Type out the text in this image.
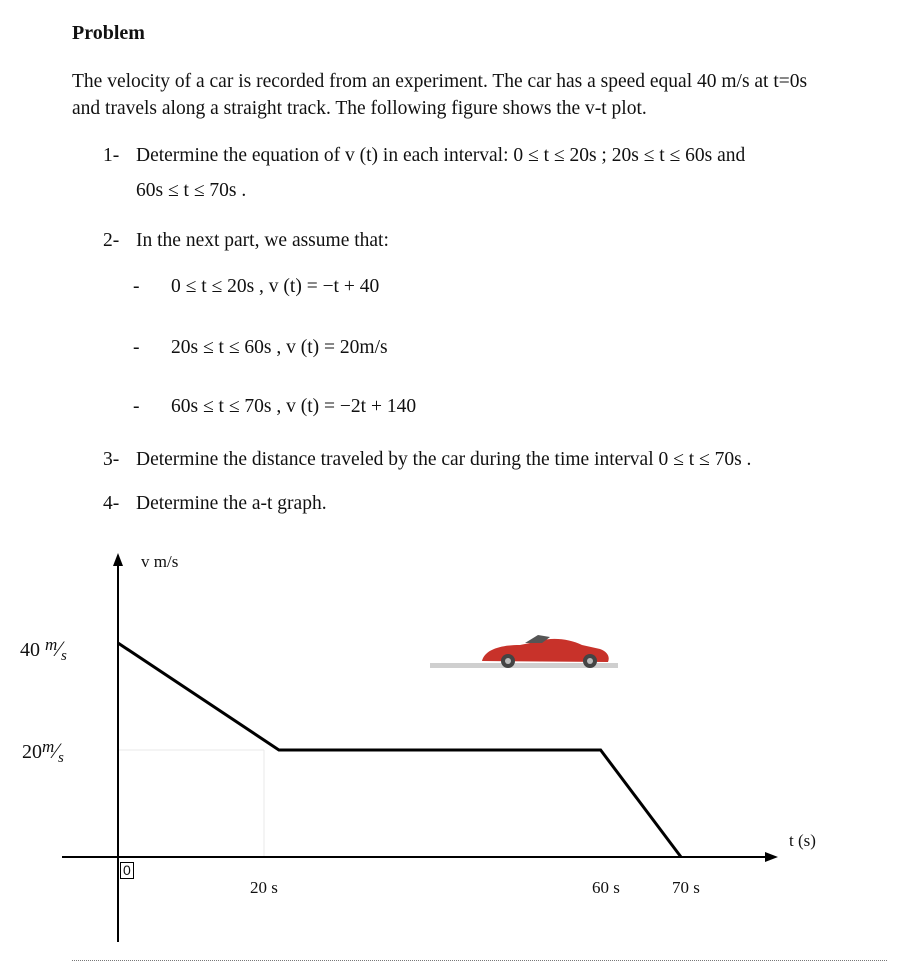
Problem
The velocity of a car is recorded from an experiment. The car has a speed equal 40 m/s at t=0s
and travels along a straight track. The following figure shows the v-t plot.
1- Determine the equation of v (t) in each interval: 0 ≤ t ≤ 20s ; 20s ≤ t ≤ 60s and
60s ≤ t ≤ 70s .
2- In the next part, we assume that:
- 0 ≤ t ≤ 20s , v (t) = −t + 40
- 20s ≤ t ≤ 60s , v (t) = 20m/s
- 60s ≤ t ≤ 70s , v (t) = −2t + 140
3- Determine the distance traveled by the car during the time interval 0 ≤ t ≤ 70s .
4- Determine the a-t graph.
v m/s
t (s)
40 $^m⁄_s$
$20^m⁄_s$
0
20 s	60 s	70 s
